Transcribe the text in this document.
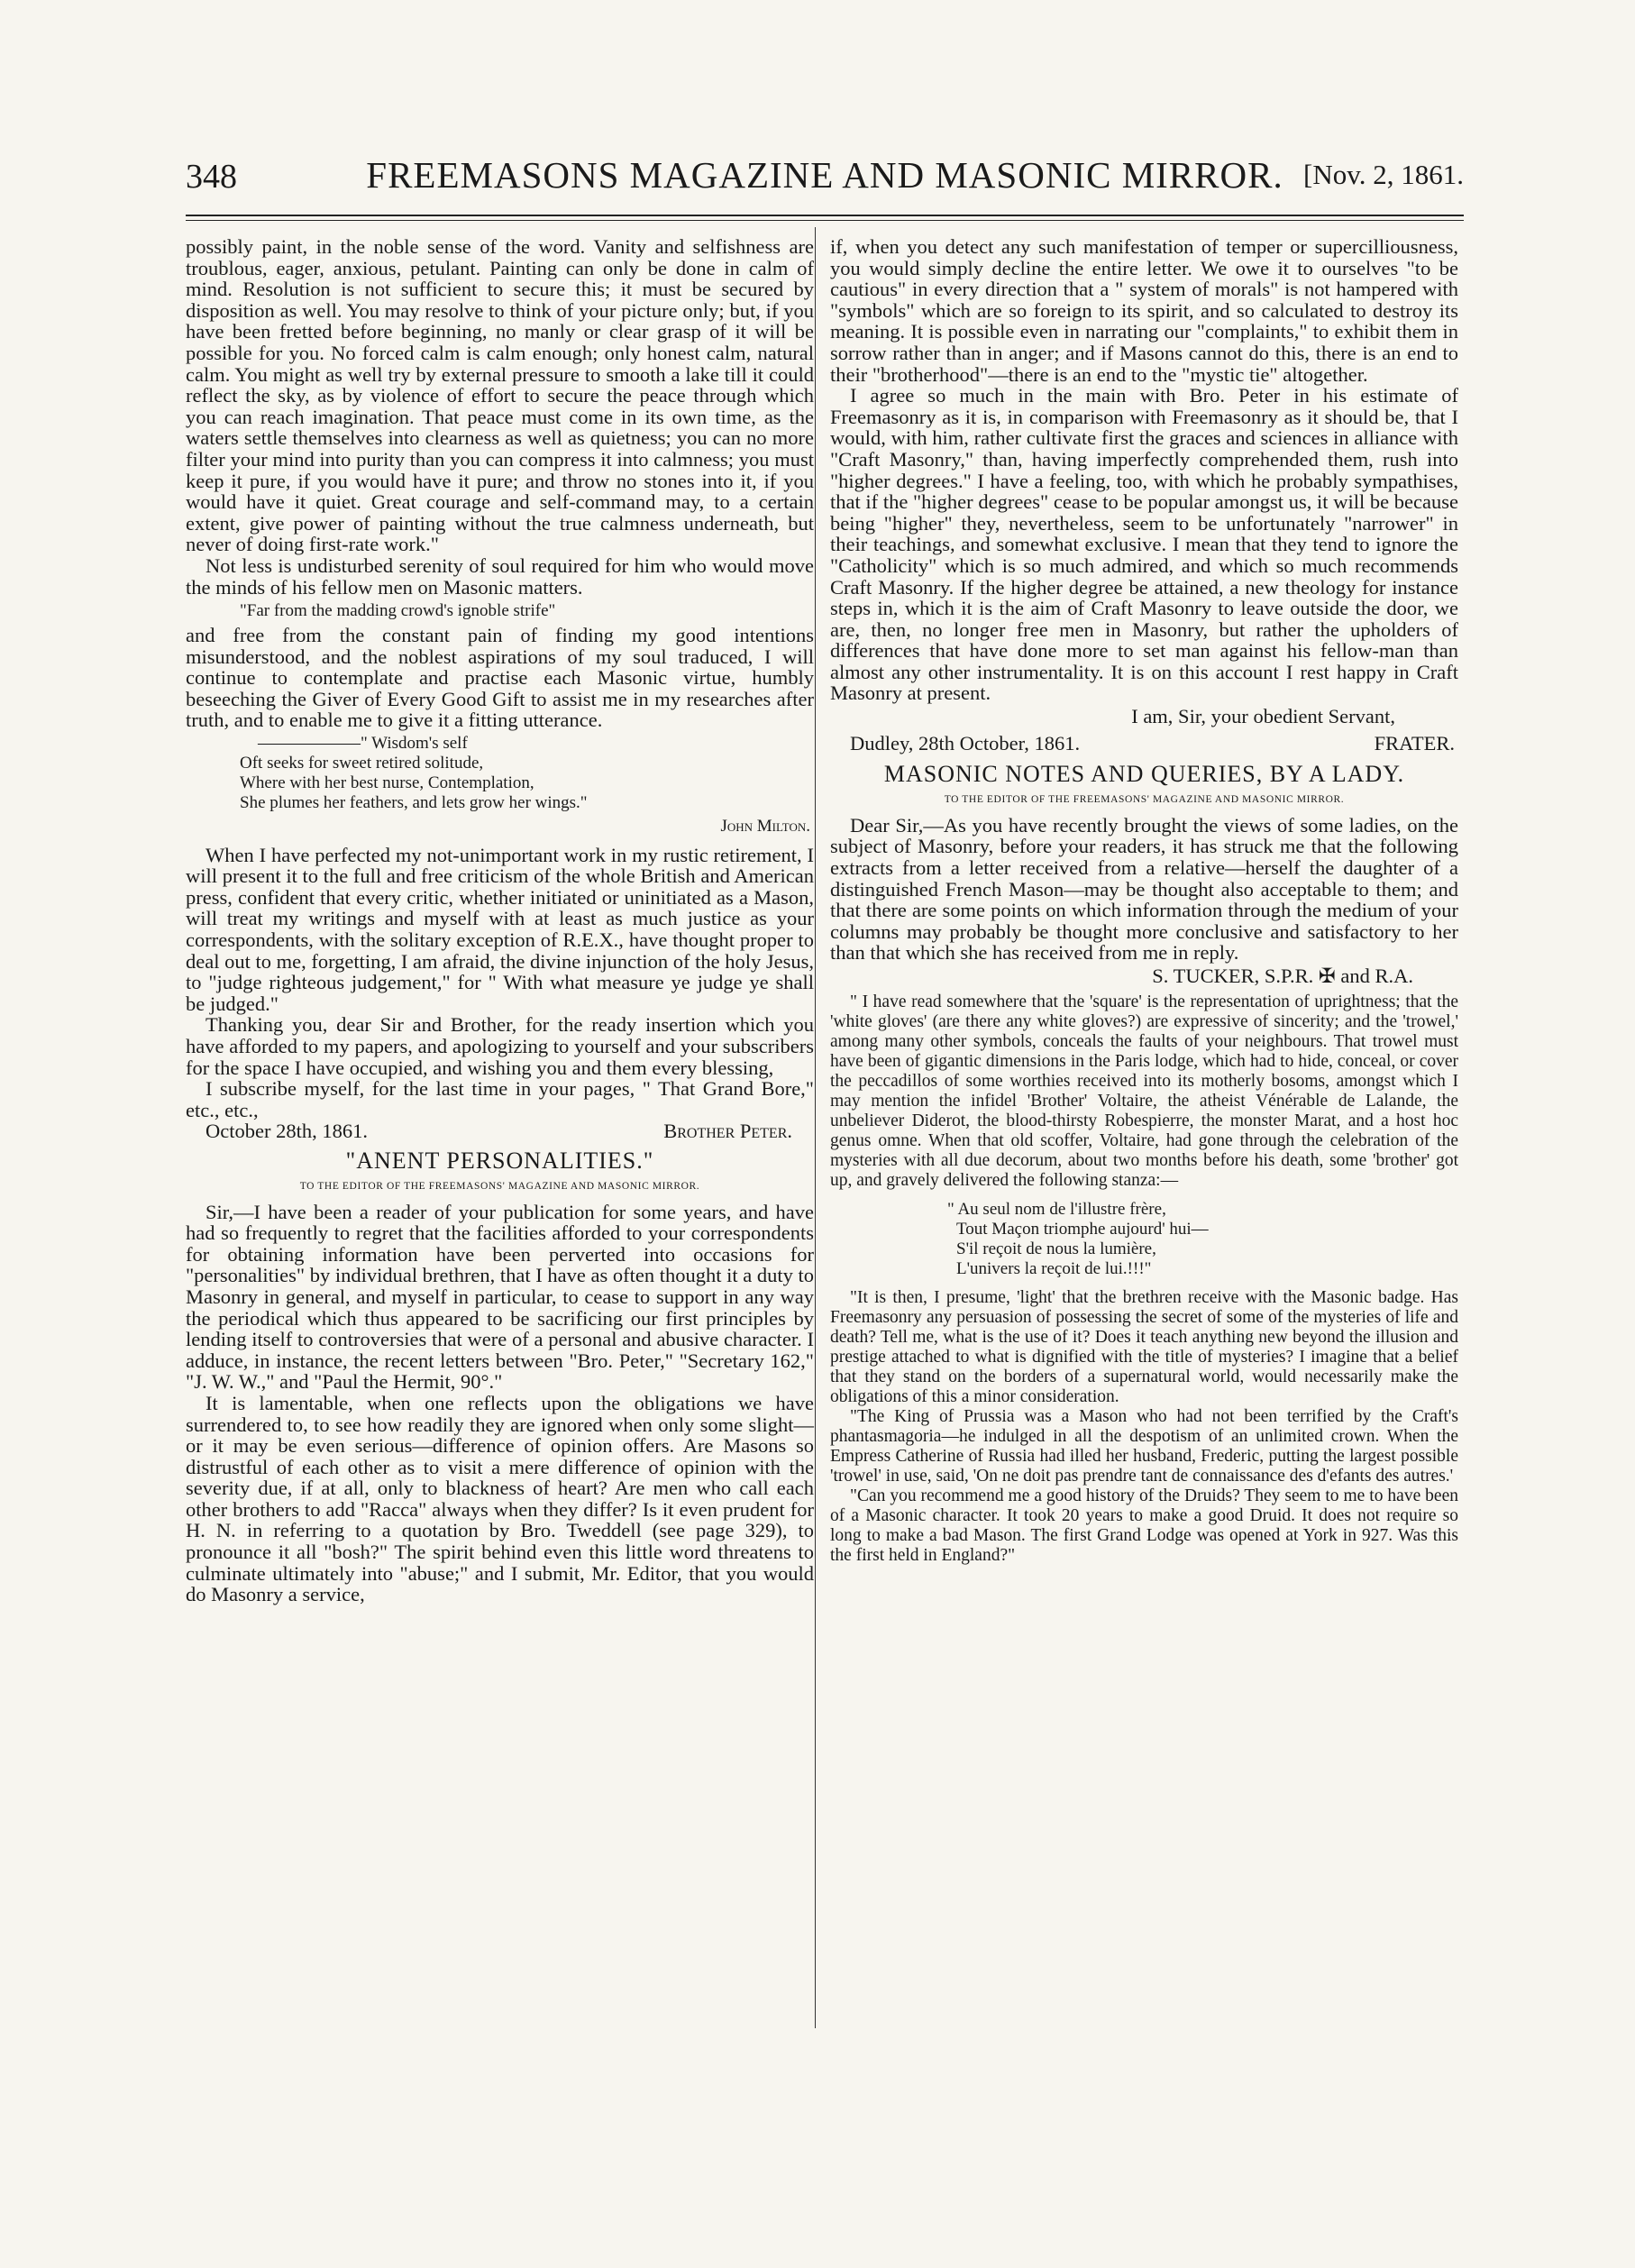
348	FREEMASONS MAGAZINE AND MASONIC MIRROR. [Nov. 2, 1861.

possibly paint, in the noble sense of the word. Vanity and selfishness are troublous, eager, anxious, petulant. Painting can only be done in calm of mind. Resolution is not sufficient to secure this; it must be secured by disposition as well. You may resolve to think of your picture only; but, if you have been fretted before beginning, no manly or clear grasp of it will be possible for you. No forced calm is calm enough; only honest calm, natural calm. You might as well try by external pressure to smooth a lake till it could reflect the sky, as by violence of effort to secure the peace through which you can reach imagination. That peace must come in its own time, as the waters settle themselves into clearness as well as quietness; you can no more filter your mind into purity than you can compress it into calmness; you must keep it pure, if you would have it pure; and throw no stones into it, if you would have it quiet. Great courage and self-command may, to a certain extent, give power of painting without the true calmness underneath, but never of doing first-rate work."

Not less is undisturbed serenity of soul required for him who would move the minds of his fellow men on Masonic matters.

"Far from the madding crowd's ignoble strife"

and free from the constant pain of finding my good intentions misunderstood, and the noblest aspirations of my soul traduced, I will continue to contemplate and practise each Masonic virtue, humbly beseeching the Giver of Every Good Gift to assist me in my researches after truth, and to enable me to give it a fitting utterance.

——————" Wisdom's self
Oft seeks for sweet retired solitude,
Where with her best nurse, Contemplation,
She plumes her feathers, and lets grow her wings."
John Milton.

When I have perfected my not-unimportant work in my rustic retirement, I will present it to the full and free criticism of the whole British and American press, confident that every critic, whether initiated or uninitiated as a Mason, will treat my writings and myself with at least as much justice as your correspondents, with the solitary exception of R.E.X., have thought proper to deal out to me, forgetting, I am afraid, the divine injunction of the holy Jesus, to "judge righteous judgement," for " With what measure ye judge ye shall be judged."

Thanking you, dear Sir and Brother, for the ready insertion which you have afforded to my papers, and apologizing to yourself and your subscribers for the space I have occupied, and wishing you and them every blessing,

I subscribe myself, for the last time in your pages, " That Grand Bore," etc., etc.,

October 28th, 1861.	Brother Peter.
"ANENT PERSONALITIES."
TO THE EDITOR OF THE FREEMASONS' MAGAZINE AND MASONIC MIRROR.

Sir,—I have been a reader of your publication for some years, and have had so frequently to regret that the facilities afforded to your correspondents for obtaining information have been perverted into occasions for "personalities" by individual brethren, that I have as often thought it a duty to Masonry in general, and myself in particular, to cease to support in any way the periodical which thus appeared to be sacrificing our first principles by lending itself to controversies that were of a personal and abusive character. I adduce, in instance, the recent letters between "Bro. Peter," "Secretary 162," "J. W. W.," and "Paul the Hermit, 90°."

It is lamentable, when one reflects upon the obligations we have surrendered to, to see how readily they are ignored when only some slight—or it may be even serious—difference of opinion offers. Are Masons so distrustful of each other as to visit a mere difference of opinion with the severity due, if at all, only to blackness of heart? Are men who call each other brothers to add "Racca" always when they differ? Is it even prudent for H. N. in referring to a quotation by Bro. Tweddell (see page 329), to pronounce it all "bosh?" The spirit behind even this little word threatens to culminate ultimately into "abuse;" and I submit, Mr. Editor, that you would do Masonry a service,

if, when you detect any such manifestation of temper or supercilliousness, you would simply decline the entire letter. We owe it to ourselves "to be cautious" in every direction that a " system of morals" is not hampered with "symbols" which are so foreign to its spirit, and so calculated to destroy its meaning. It is possible even in narrating our "complaints," to exhibit them in sorrow rather than in anger; and if Masons cannot do this, there is an end to their "brotherhood"—there is an end to the "mystic tie" altogether.

I agree so much in the main with Bro. Peter in his estimate of Freemasonry as it is, in comparison with Freemasonry as it should be, that I would, with him, rather cultivate first the graces and sciences in alliance with "Craft Masonry," than, having imperfectly comprehended them, rush into "higher degrees." I have a feeling, too, with which he probably sympathises, that if the "higher degrees" cease to be popular amongst us, it will be because being "higher" they, nevertheless, seem to be unfortunately "narrower" in their teachings, and somewhat exclusive. I mean that they tend to ignore the "Catholicity" which is so much admired, and which so much recommends Craft Masonry. If the higher degree be attained, a new theology for instance steps in, which it is the aim of Craft Masonry to leave outside the door, we are, then, no longer free men in Masonry, but rather the upholders of differences that have done more to set man against his fellow-man than almost any other instrumentality. It is on this account I rest happy in Craft Masonry at present.

I am, Sir, your obedient Servant,
Dudley, 28th October, 1861.	FRATER.
MASONIC NOTES AND QUERIES, BY A LADY.
TO THE EDITOR OF THE FREEMASONS' MAGAZINE AND MASONIC MIRROR.

Dear Sir,—As you have recently brought the views of some ladies, on the subject of Masonry, before your readers, it has struck me that the following extracts from a letter received from a relative—herself the daughter of a distinguished French Mason—may be thought also acceptable to them; and that there are some points on which information through the medium of your columns may probably be thought more conclusive and satisfactory to her than that which she has received from me in reply.

S. TUCKER, S.P.R. ✠ and R.A.

" I have read somewhere that the 'square' is the representation of uprightness; that the 'white gloves' (are there any white gloves?) are expressive of sincerity; and the 'trowel,' among many other symbols, conceals the faults of your neighbours. That trowel must have been of gigantic dimensions in the Paris lodge, which had to hide, conceal, or cover the peccadillos of some worthies received into its motherly bosoms, amongst which I may mention the infidel 'Brother' Voltaire, the atheist Vénérable de Lalande, the unbeliever Diderot, the blood-thirsty Robespierre, the monster Marat, and a host hoc genus omne. When that old scoffer, Voltaire, had gone through the celebration of the mysteries with all due decorum, about two months before his death, some 'brother' got up, and gravely delivered the following stanza:—

" Au seul nom de l'illustre frère,
Tout Maçon triomphe aujourd' hui—
S'il reçoit de nous la lumière,
L'univers la reçoit de lui.!!!"

"It is then, I presume, 'light' that the brethren receive with the Masonic badge. Has Freemasonry any persuasion of possessing the secret of some of the mysteries of life and death? Tell me, what is the use of it? Does it teach anything new beyond the illusion and prestige attached to what is dignified with the title of mysteries? I imagine that a belief that they stand on the borders of a supernatural world, would necessarily make the obligations of this a minor consideration.

"The King of Prussia was a Mason who had not been terrified by the Craft's phantasmagoria—he indulged in all the despotism of an unlimited crown. When the Empress Catherine of Russia had illed her husband, Frederic, putting the largest possible 'trowel' in use, said, 'On ne doit pas prendre tant de connaissance des d'efants des autres.'

"Can you recommend me a good history of the Druids? They seem to me to have been of a Masonic character. It took 20 years to make a good Druid. It does not require so long to make a bad Mason. The first Grand Lodge was opened at York in 927. Was this the first held in England?"
